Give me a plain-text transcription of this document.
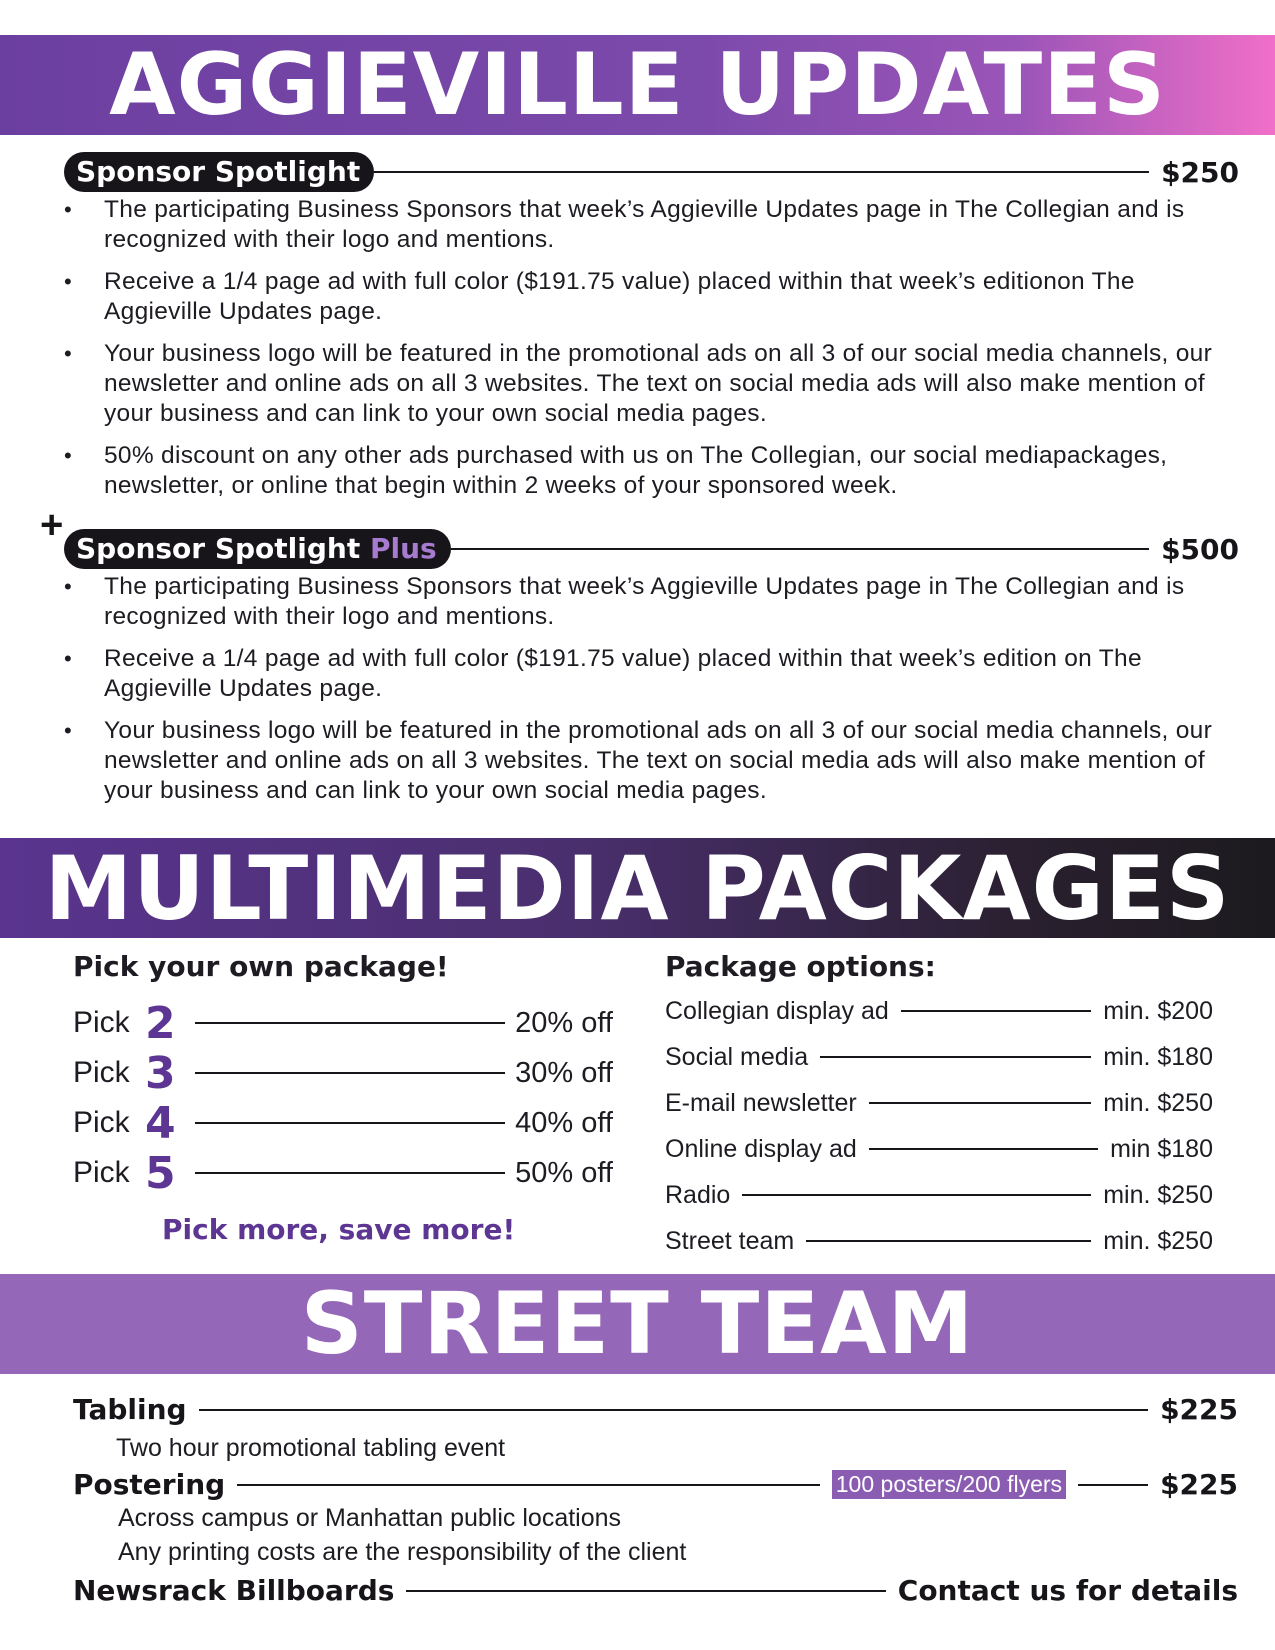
AGGIEVILLE UPDATES
Sponsor Spotlight	$250
• The participating Business Sponsors that week’s Aggieville Updates page in The Collegian and is recognized with their logo and mentions.
• Receive a 1/4 page ad with full color ($191.75 value) placed within that week’s editionon The Aggieville Updates page.
• Your business logo will be featured in the promotional ads on all 3 of our social media channels, our newsletter and online ads on all 3 websites. The text on social media ads will also make mention of your business and can link to your own social media pages.
• 50% discount on any other ads purchased with us on The Collegian, our social mediapackages, newsletter, or online that begin within 2 weeks of your sponsored week.
+
Sponsor Spotlight Plus	$500
• The participating Business Sponsors that week’s Aggieville Updates page in The Collegian and is recognized with their logo and mentions.
• Receive a 1/4 page ad with full color ($191.75 value) placed within that week’s edition on The Aggieville Updates page.
• Your business logo will be featured in the promotional ads on all 3 of our social media channels, our newsletter and online ads on all 3 websites. The text on social media ads will also make mention of your business and can link to your own social media pages.
MULTIMEDIA PACKAGES
Pick your own package!
Pick 2	20% off
Pick 3	30% off
Pick 4	40% off
Pick 5	50% off
Pick more, save more!
Package options:
Collegian display ad	min. $200
Social media	min. $180
E-mail newsletter	min. $250
Online display ad	min $180
Radio	min. $250
Street team	min. $250
STREET TEAM
Tabling	$225
Two hour promotional tabling event
Postering	100 posters/200 flyers	$225
Across campus or Manhattan public locations
Any printing costs are the responsibility of the client
Newsrack Billboards	Contact us for details
